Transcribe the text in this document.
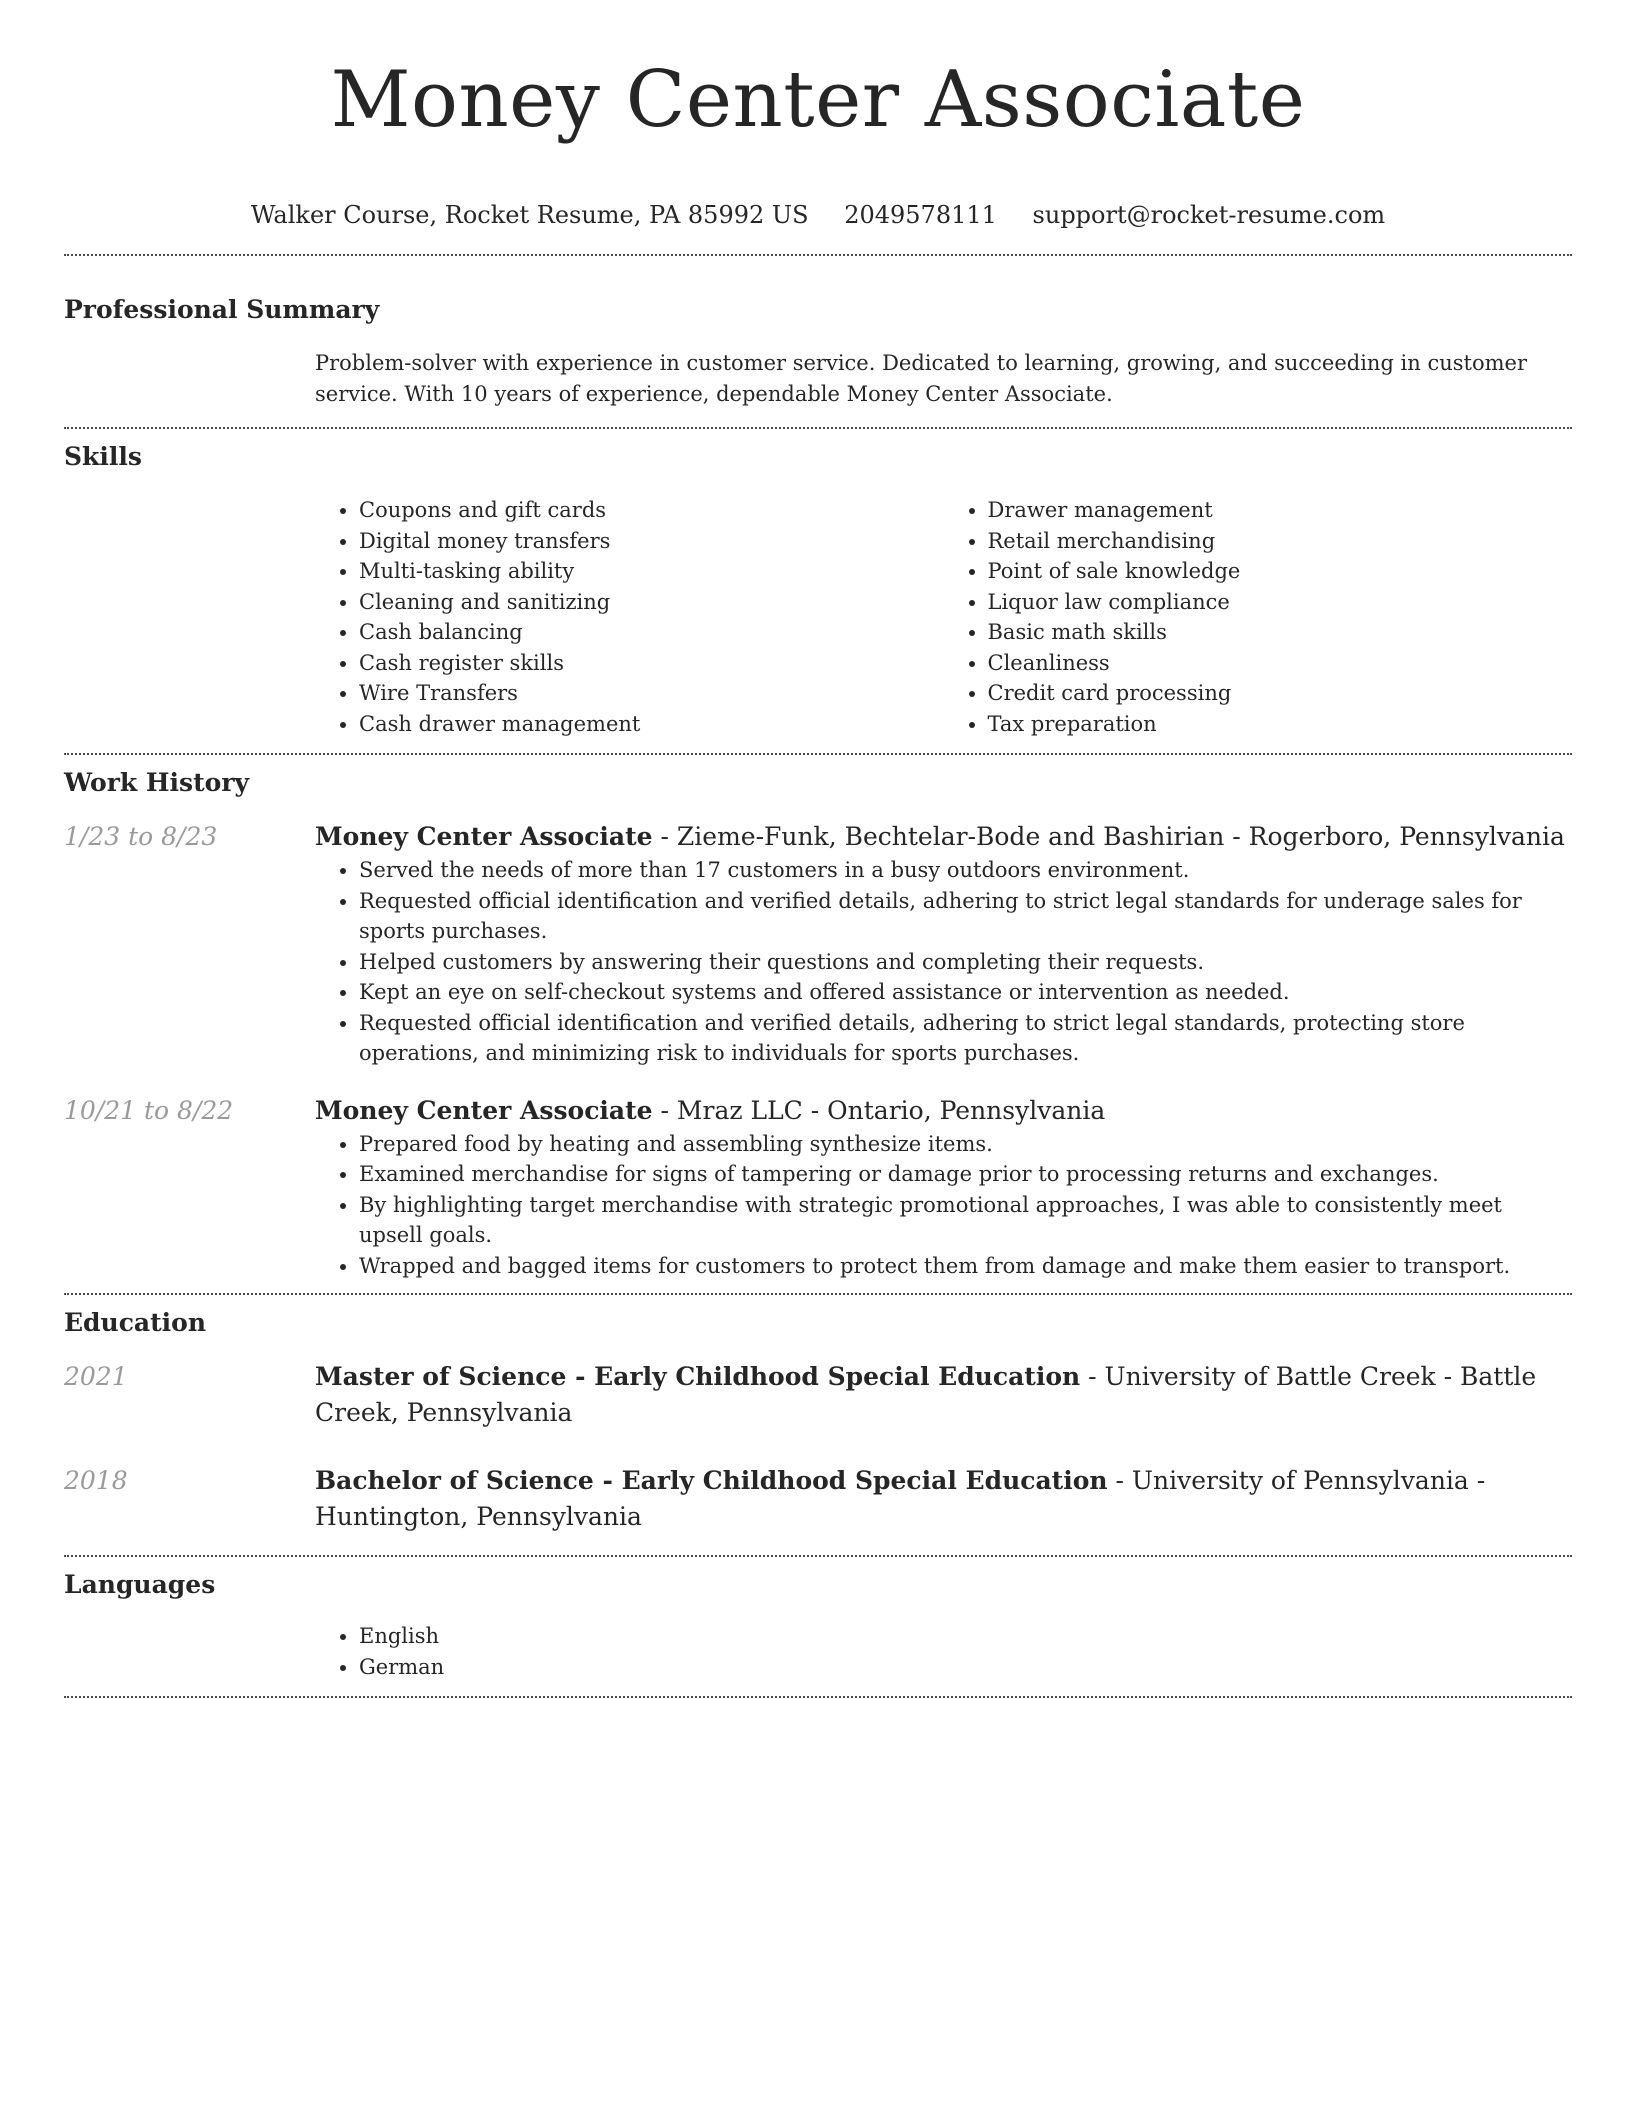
Money Center Associate
Walker Course, Rocket Resume, PA 85992 US 2049578111 support@rocket-resume.com
Professional Summary

Problem-solver with experience in customer service. Dedicated to learning, growing, and succeeding in customer service. With 10 years of experience, dependable Money Center Associate.

Skills
• Coupons and gift cards
• Digital money transfers
• Multi-tasking ability
• Cleaning and sanitizing
• Cash balancing
• Cash register skills
• Wire Transfers
• Cash drawer management
• Drawer management
• Retail merchandising
• Point of sale knowledge
• Liquor law compliance
• Basic math skills
• Cleanliness
• Credit card processing
• Tax preparation
Work History
1/23 to 8/23	Money Center Associate - Zieme-Funk, Bechtelar-Bode and Bashirian - Rogerboro, Pennsylvania
• Served the needs of more than 17 customers in a busy outdoors environment.
• Requested official identification and verified details, adhering to strict legal standards for underage sales for sports purchases.
• Helped customers by answering their questions and completing their requests.
• Kept an eye on self-checkout systems and offered assistance or intervention as needed.
• Requested official identification and verified details, adhering to strict legal standards, protecting store operations, and minimizing risk to individuals for sports purchases.
10/21 to 8/22	Money Center Associate - Mraz LLC - Ontario, Pennsylvania
• Prepared food by heating and assembling synthesize items.
• Examined merchandise for signs of tampering or damage prior to processing returns and exchanges.
• By highlighting target merchandise with strategic promotional approaches, I was able to consistently meet upsell goals.
• Wrapped and bagged items for customers to protect them from damage and make them easier to transport.
Education
2021	Master of Science - Early Childhood Special Education - University of Battle Creek - Battle Creek, Pennsylvania
2018	Bachelor of Science - Early Childhood Special Education - University of Pennsylvania - Huntington, Pennsylvania
Languages
• English
• German
